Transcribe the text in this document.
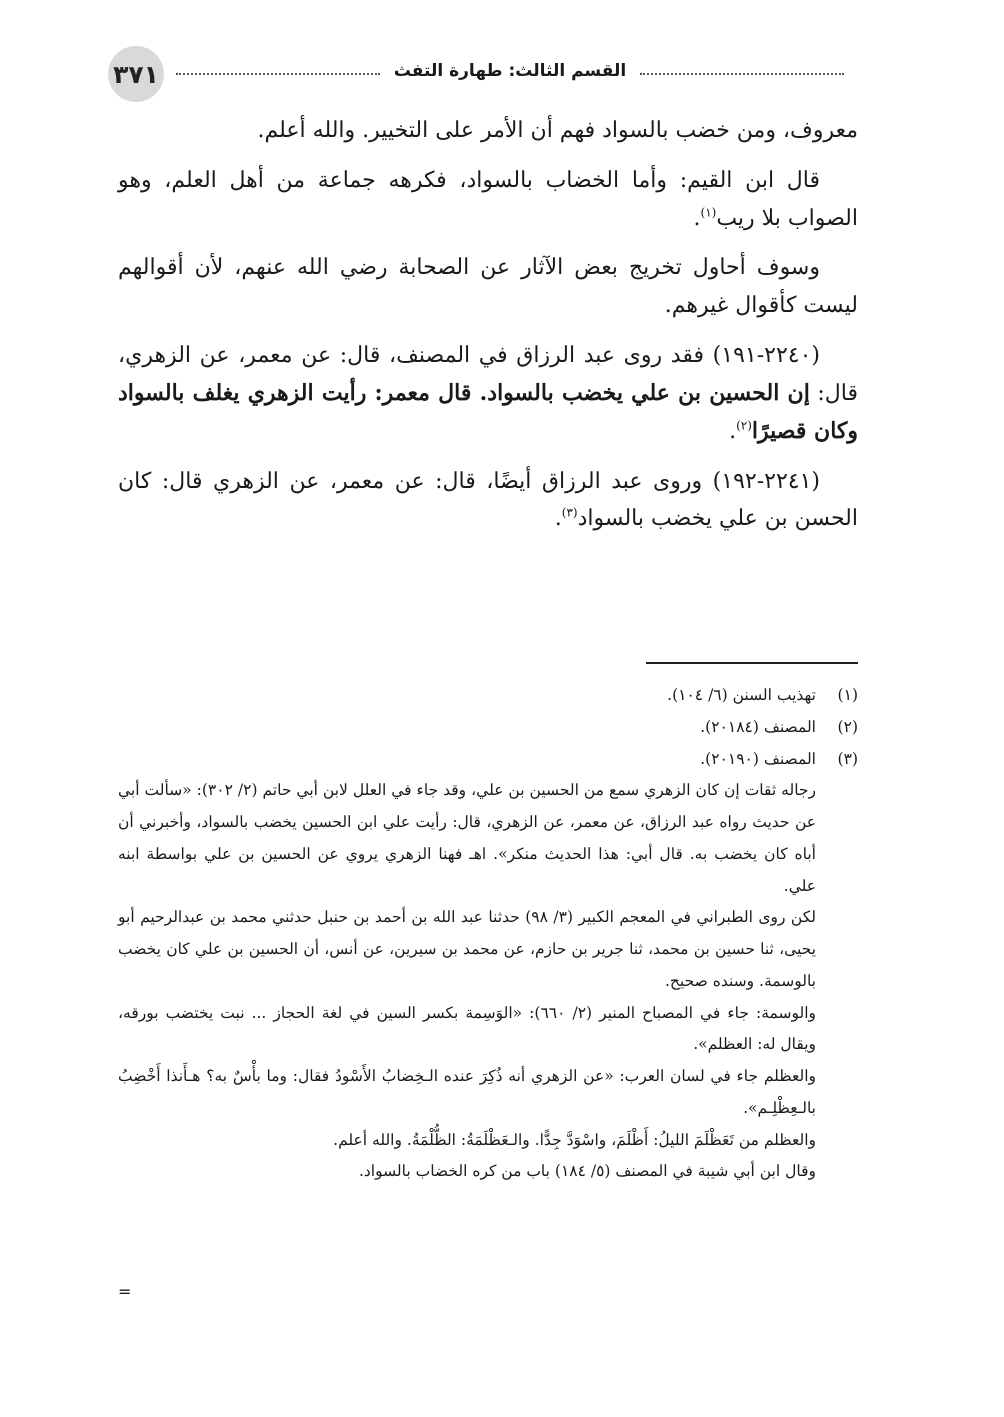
٣٧١	القسم الثالث: طهارة التفث

معروف، ومن خضب بالسواد فهم أن الأمر على التخيير. والله أعلم.

قال ابن القيم: وأما الخضاب بالسواد، فكرهه جماعة من أهل العلم، وهو الصواب بلا ريب$^{(١)}$.

وسوف أحاول تخريج بعض الآثار عن الصحابة رضي الله عنهم، لأن أقوالهم ليست كأقوال غيرهم.

(٢٢٤٠-١٩١) فقد روى عبد الرزاق في المصنف، قال: عن معمر، عن الزهري، قال: إن الحسين بن علي يخضب بالسواد. قال معمر: رأيت الزهري يغلف بالسواد وكان قصيرًا$^{(٢)}$.

(٢٢٤١-١٩٢) وروى عبد الرزاق أيضًا، قال: عن معمر، عن الزهري قال: كان الحسن بن علي يخضب بالسواد$^{(٣)}$.

(١)
تهذيب السنن (٦/ ١٠٤).
(٢)
المصنف (٢٠١٨٤).
(٣)
المصنف (٢٠١٩٠).

رجاله ثقات إن كان الزهري سمع من الحسين بن علي، وقد جاء في العلل لابن أبي حاتم (٢/ ٣٠٢): «سألت أبي عن حديث رواه عبد الرزاق، عن معمر، عن الزهري، قال: رأيت علي ابن الحسين يخضب بالسواد، وأخبرني أن أباه كان يخضب به. قال أبي: هذا الحديث منكر». اهـ فهنا الزهري يروي عن الحسين بن علي بواسطة ابنه علي.

لكن روى الطبراني في المعجم الكبير (٣/ ٩٨) حدثنا عبد الله بن أحمد بن حنبل حدثني محمد بن عبدالرحيم أبو يحيى، ثنا حسين بن محمد، ثنا جرير بن حازم، عن محمد بن سيرين، عن أنس، أن الحسين بن علي كان يخضب بالوسمة. وسنده صحيح.

والوسمة: جاء في المصباح المنير (٢/ ٦٦٠): «الوَسِمة بكسر السين في لغة الحجاز ... نبت يختضب بورقه، ويقال له: العظلم».

والعظلم جاء في لسان العرب: «عن الزهري أنه ذُكِرَ عنده الـخِضابُ الأَسْودُ فقال: وما بأْسٌ به؟ هـأَنذا أَخْضِبُ بالـعِظْلِـم».

والعظلم من تَعَظْلَمَ الليلُ: أَظْلَمَ، واسْوَدَّ جِدًّا. والـعَظْلَمَةُ: الظُّلْمَةُ. والله أعلم.

وقال ابن أبي شيبة في المصنف (٥/ ١٨٤) باب من كره الخضاب بالسواد.

=
